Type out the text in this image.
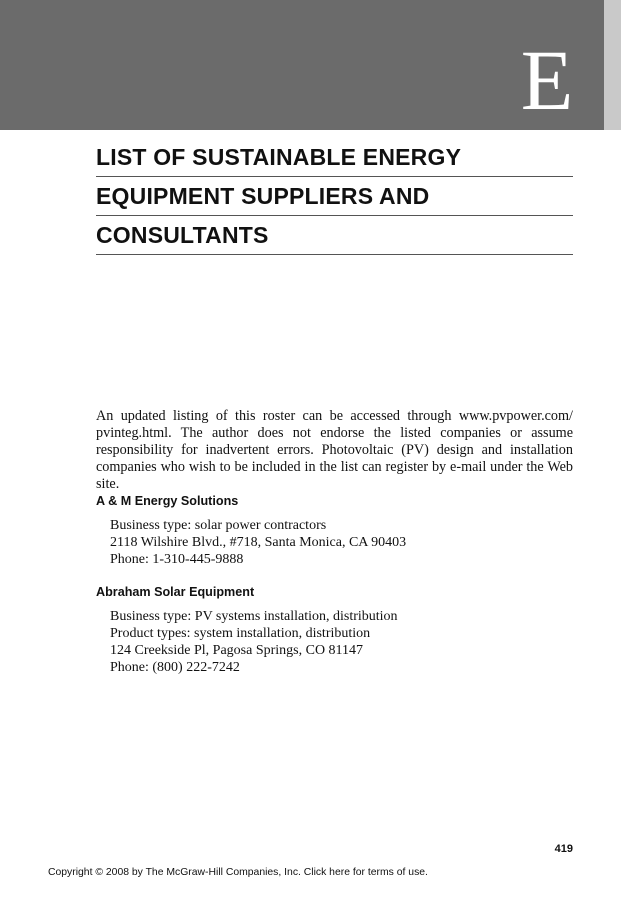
E
LIST OF SUSTAINABLE ENERGY
EQUIPMENT SUPPLIERS AND
CONSULTANTS

An updated listing of this roster can be accessed through www.pvpower.com/ pvinteg.html. The author does not endorse the listed companies or assume responsibility for inadvertent errors. Photovoltaic (PV) design and installation companies who wish to be included in the list can register by e-mail under the Web site.

A & M Energy Solutions
Business type: solar power contractors
2118 Wilshire Blvd., #718, Santa Monica, CA 90403
Phone: 1-310-445-9888
Abraham Solar Equipment
Business type: PV systems installation, distribution
Product types: system installation, distribution
124 Creekside Pl, Pagosa Springs, CO 81147
Phone: (800) 222-7242
419
Copyright © 2008 by The McGraw-Hill Companies, Inc. Click here for terms of use.
